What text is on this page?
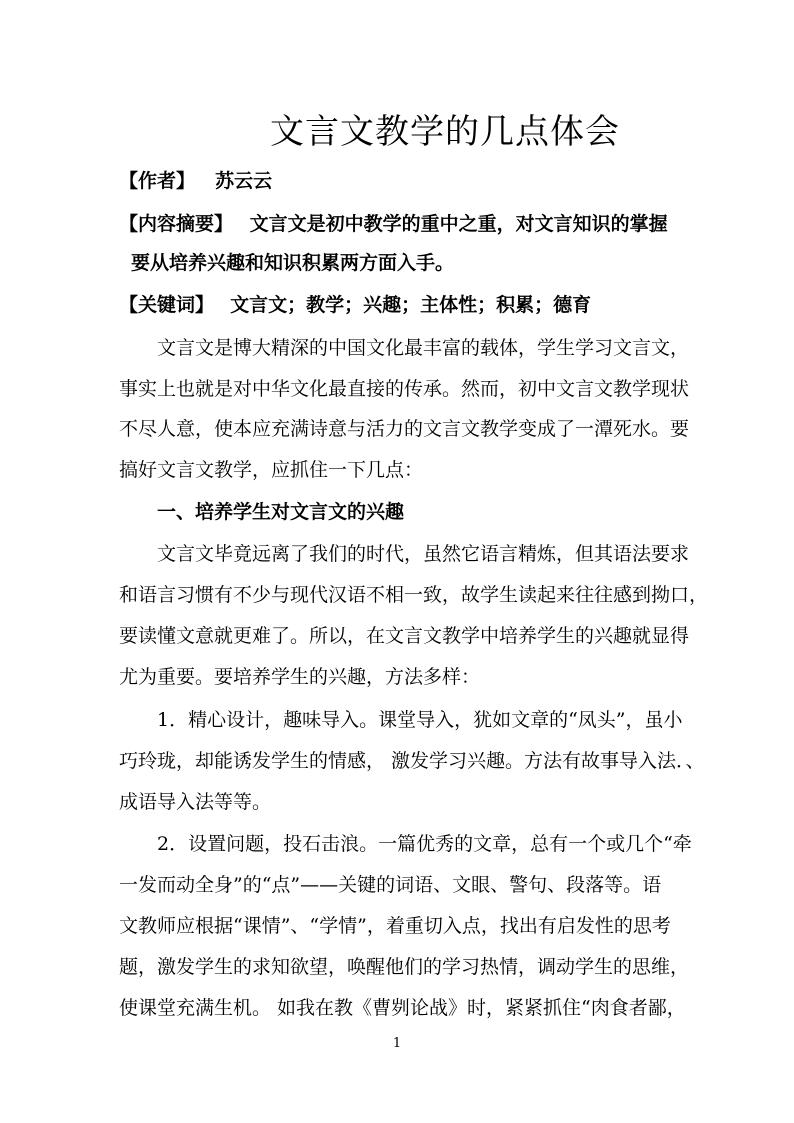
文言文教学的几点体会
【作者】 苏云云
【内容摘要】 文言文是初中教学的重中之重，对文言知识的掌握
要从培养兴趣和知识积累两方面入手。
【关键词】 文言文；教学；兴趣；主体性；积累；德育
文言文是博大精深的中国文化最丰富的载体，学生学习文言文，
事实上也就是对中华文化最直接的传承。然而，初中文言文教学现状
不尽人意，使本应充满诗意与活力的文言文教学变成了一潭死水。要
搞好文言文教学，应抓住一下几点：
一、培养学生对文言文的兴趣
文言文毕竟远离了我们的时代，虽然它语言精炼，但其语法要求
和语言习惯有不少与现代汉语不相一致，故学生读起来往往感到拗口，
要读懂文意就更难了。所以，在文言文教学中培养学生的兴趣就显得
尤为重要。要培养学生的兴趣，方法多样：
1．精心设计，趣味导入。课堂导入，犹如文章的“凤头”，虽小
巧玲珑，却能诱发学生的情感， 激发学习兴趣。方法有故事导入法．、
成语导入法等等。
2．设置问题，投石击浪。一篇优秀的文章，总有一个或几个“牵
一发而动全身”的“点”——关键的词语、文眼、警句、段落等。语
文教师应根据“课情”、“学情”，着重切入点，找出有启发性的思考
题，激发学生的求知欲望，唤醒他们的学习热情，调动学生的思维，
使课堂充满生机。 如我在教《曹刿论战》时，紧紧抓住“肉食者鄙，
1
